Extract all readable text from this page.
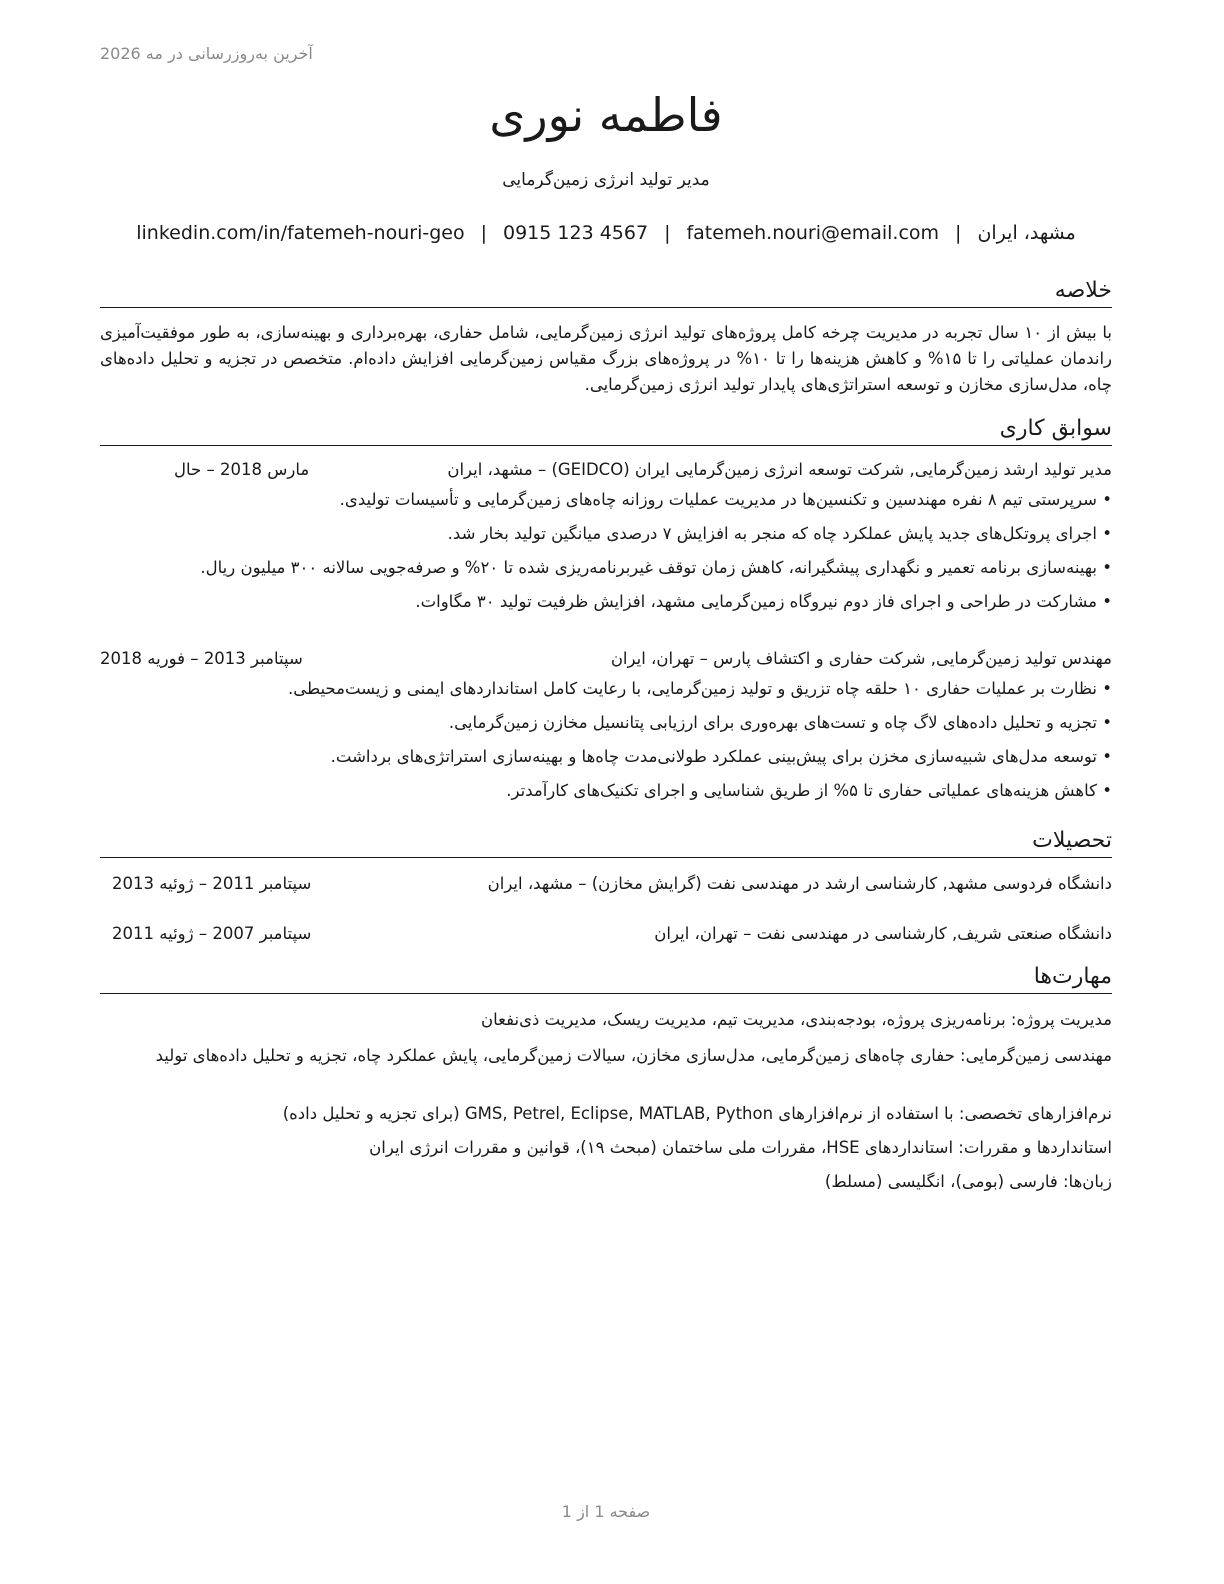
آخرین به‌روزرسانی در مه 2026
فاطمه نوری
مدیر تولید انرژی زمین‌گرمایی
مشهد، ایران
|
fatemeh.nouri@email.com
|
0915 123 4567
|
linkedin.com/in/fatemeh-nouri-geo
خلاصه
با بیش از ۱۰ سال تجربه در مدیریت چرخه کامل پروژه‌های تولید انرژی زمین‌گرمایی، شامل حفاری، بهره‌برداری و بهینه‌سازی، به طور موفقیت‌آمیزی راندمان عملیاتی را تا ۱۵% و کاهش هزینه‌ها را تا ۱۰% در پروژه‌های بزرگ مقیاس زمین‌گرمایی افزایش داده‌ام. متخصص در تجزیه و تحلیل داده‌های چاه، مدل‌سازی مخازن و توسعه استراتژی‌های پایدار تولید انرژی زمین‌گرمایی.
سوابق کاری
مدیر تولید ارشد زمین‌گرمایی, شرکت توسعه انرژی زمین‌گرمایی ایران (GEIDCO) – مشهد، ایران
مارس 2018 – حال
• سرپرستی تیم ۸ نفره مهندسین و تکنسین‌ها در مدیریت عملیات روزانه چاه‌های زمین‌گرمایی و تأسیسات تولیدی.
• اجرای پروتکل‌های جدید پایش عملکرد چاه که منجر به افزایش ۷ درصدی میانگین تولید بخار شد.
• بهینه‌سازی برنامه تعمیر و نگهداری پیشگیرانه، کاهش زمان توقف غیربرنامه‌ریزی شده تا ۲۰% و صرفه‌جویی سالانه ۳۰۰ میلیون ریال.
• مشارکت در طراحی و اجرای فاز دوم نیروگاه زمین‌گرمایی مشهد، افزایش ظرفیت تولید ۳۰ مگاوات.
مهندس تولید زمین‌گرمایی, شرکت حفاری و اکتشاف پارس – تهران، ایران
سپتامبر 2013 – فوریه 2018
• نظارت بر عملیات حفاری ۱۰ حلقه چاه تزریق و تولید زمین‌گرمایی، با رعایت کامل استانداردهای ایمنی و زیست‌محیطی.
• تجزیه و تحلیل داده‌های لاگ چاه و تست‌های بهره‌وری برای ارزیابی پتانسیل مخازن زمین‌گرمایی.
• توسعه مدل‌های شبیه‌سازی مخزن برای پیش‌بینی عملکرد طولانی‌مدت چاه‌ها و بهینه‌سازی استراتژی‌های برداشت.
• کاهش هزینه‌های عملیاتی حفاری تا ۵% از طریق شناسایی و اجرای تکنیک‌های کارآمدتر.
تحصیلات
دانشگاه فردوسی مشهد, کارشناسی ارشد در مهندسی نفت (گرایش مخازن) – مشهد، ایران
سپتامبر 2011 – ژوئیه 2013
دانشگاه صنعتی شریف, کارشناسی در مهندسی نفت – تهران، ایران
سپتامبر 2007 – ژوئیه 2011
مهارت‌ها
مدیریت پروژه: برنامه‌ریزی پروژه، بودجه‌بندی، مدیریت تیم، مدیریت ریسک، مدیریت ذی‌نفعان
مهندسی زمین‌گرمایی: حفاری چاه‌های زمین‌گرمایی، مدل‌سازی مخازن، سیالات زمین‌گرمایی، پایش عملکرد چاه، تجزیه و تحلیل داده‌های تولید
نرم‌افزارهای تخصصی: با استفاده از نرم‌افزارهای GMS, Petrel, Eclipse, MATLAB, Python (برای تجزیه و تحلیل داده)
استانداردها و مقررات: استانداردهای HSE، مقررات ملی ساختمان (مبحث ۱۹)، قوانین و مقررات انرژی ایران
زبان‌ها: فارسی (بومی)، انگلیسی (مسلط)
صفحه 1 از 1
